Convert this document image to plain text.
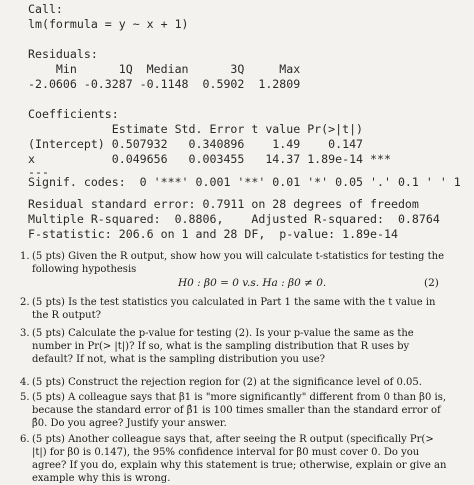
Call:
lm(formula = y ~ x + 1)
Residuals:
Min      1Q  Median      3Q     Max
-2.0606 -0.3287 -0.1148  0.5902  1.2809
Coefficients:
Estimate Std. Error t value Pr(>|t|)
(Intercept) 0.507932   0.340896    1.49    0.147
x           0.049656   0.003455   14.37 1.89e-14 ***
---
Signif. codes:  0 '***' 0.001 '**' 0.01 '*' 0.05 '.' 0.1 ' ' 1
Residual standard error: 0.7911 on 28 degrees of freedom
Multiple R-squared:  0.8806,    Adjusted R-squared:  0.8764
F-statistic: 206.6 on 1 and 28 DF,  p-value: 1.89e-14
1. (5 pts) Given the R output, show how you will calculate t-statistics for testing the following hypothesis
H0 : β0 = 0 v.s. Ha : β0 ≠ 0.	(2)
2. (5 pts) Is the test statistics you calculated in Part 1 the same with the t value in the R output?
3. (5 pts) Calculate the p-value for testing (2). Is your p-value the same as the number in Pr(> |t|)? If so, what is the sampling distribution that R uses by default? If not, what is the sampling distribution you use?
4. (5 pts) Construct the rejection region for (2) at the significance level of 0.05.
5. (5 pts) A colleague says that β1 is "more significantly" different from 0 than β0 is, because the standard error of β̂1 is 100 times smaller than the standard error of β̂0. Do you agree? Justify your answer.
6. (5 pts) Another colleague says that, after seeing the R output (specifically Pr(> |t|) for β0 is 0.147), the 95% confidence interval for β0 must cover 0. Do you agree? If you do, explain why this statement is true; otherwise, explain or give an example why this is wrong.
